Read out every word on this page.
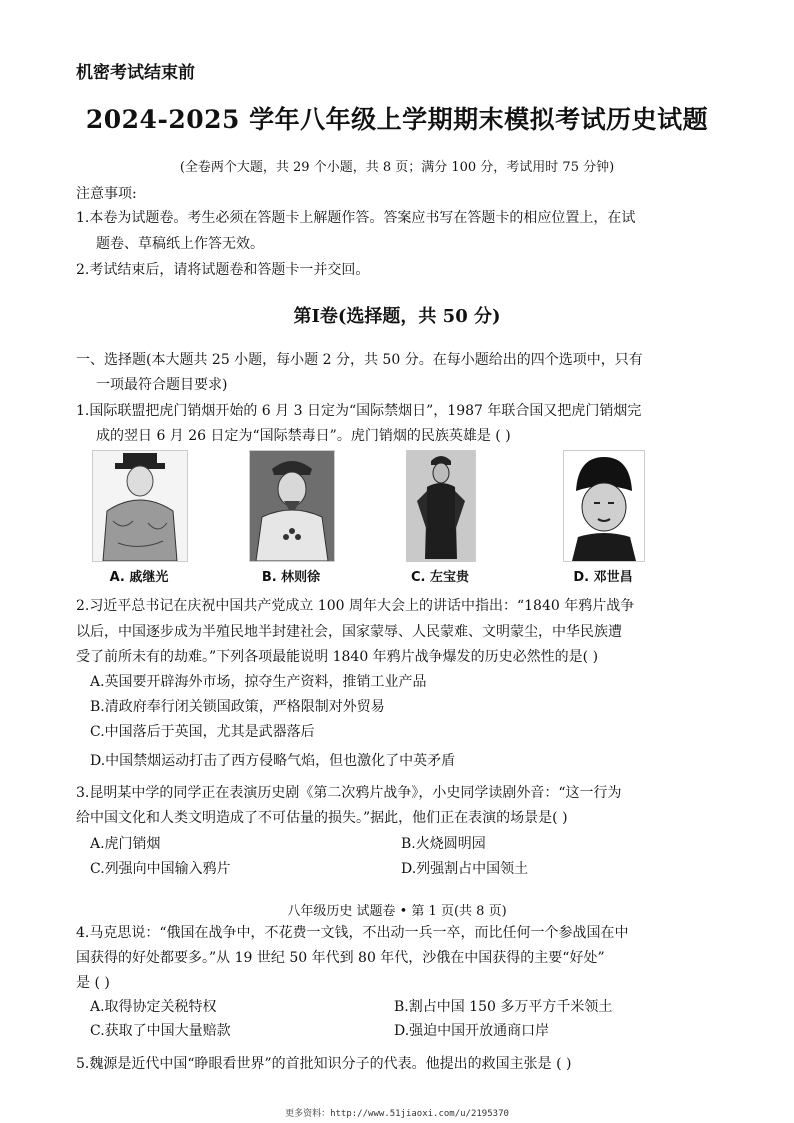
机密考试结束前
2024-2025 学年八年级上学期期末模拟考试历史试题
(全卷两个大题，共 29 个小题，共 8 页；满分 100 分，考试用时 75 分钟)
注意事项:
1.本卷为试题卷。考生必须在答题卡上解题作答。答案应书写在答题卡的相应位置上，在试
题卷、草稿纸上作答无效。
2.考试结束后，请将试题卷和答题卡一并交回。
第Ⅰ卷(选择题，共 50 分)
一、选择题(本大题共 25 小题，每小题 2 分，共 50 分。在每小题给出的四个选项中，只有
一项最符合题目要求)
1.国际联盟把虎门销烟开始的 6 月 3 日定为“国际禁烟日”，1987 年联合国又把虎门销烟完
成的翌日 6 月 26 日定为“国际禁毒日”。虎门销烟的民族英雄是 ( )
A. 戚继光	B. 林则徐	C. 左宝贵	D. 邓世昌
2.习近平总书记在庆祝中国共产党成立 100 周年大会上的讲话中指出：“1840 年鸦片战争
以后，中国逐步成为半殖民地半封建社会，国家蒙辱、人民蒙难、文明蒙尘，中华民族遭
受了前所未有的劫难。”下列各项最能说明 1840 年鸦片战争爆发的历史必然性的是( )
A.英国要开辟海外市场，掠夺生产资料，推销工业产品
B.清政府奉行闭关锁国政策，严格限制对外贸易
C.中国落后于英国，尤其是武器落后
D.中国禁烟运动打击了西方侵略气焰，但也激化了中英矛盾
3.昆明某中学的同学正在表演历史剧《第二次鸦片战争》，小史同学读剧外音：“这一行为
给中国文化和人类文明造成了不可估量的损失。”据此，他们正在表演的场景是( )
A.虎门销烟	B.火烧圆明园
C.列强向中国输入鸦片	D.列强割占中国领土
八年级历史 试题卷 • 第 1 页(共 8 页)
4.马克思说：“俄国在战争中，不花费一文钱，不出动一兵一卒，而比任何一个参战国在中
国获得的好处都要多。”从 19 世纪 50 年代到 80 年代，沙俄在中国获得的主要“好处”
是 ( )
A.取得协定关税特权	B.割占中国 150 多万平方千米领土
C.获取了中国大量赔款	D.强迫中国开放通商口岸
5.魏源是近代中国“睁眼看世界”的首批知识分子的代表。他提出的救国主张是 ( )
更多资料：http://www.51jiaoxi.com/u/2195370
